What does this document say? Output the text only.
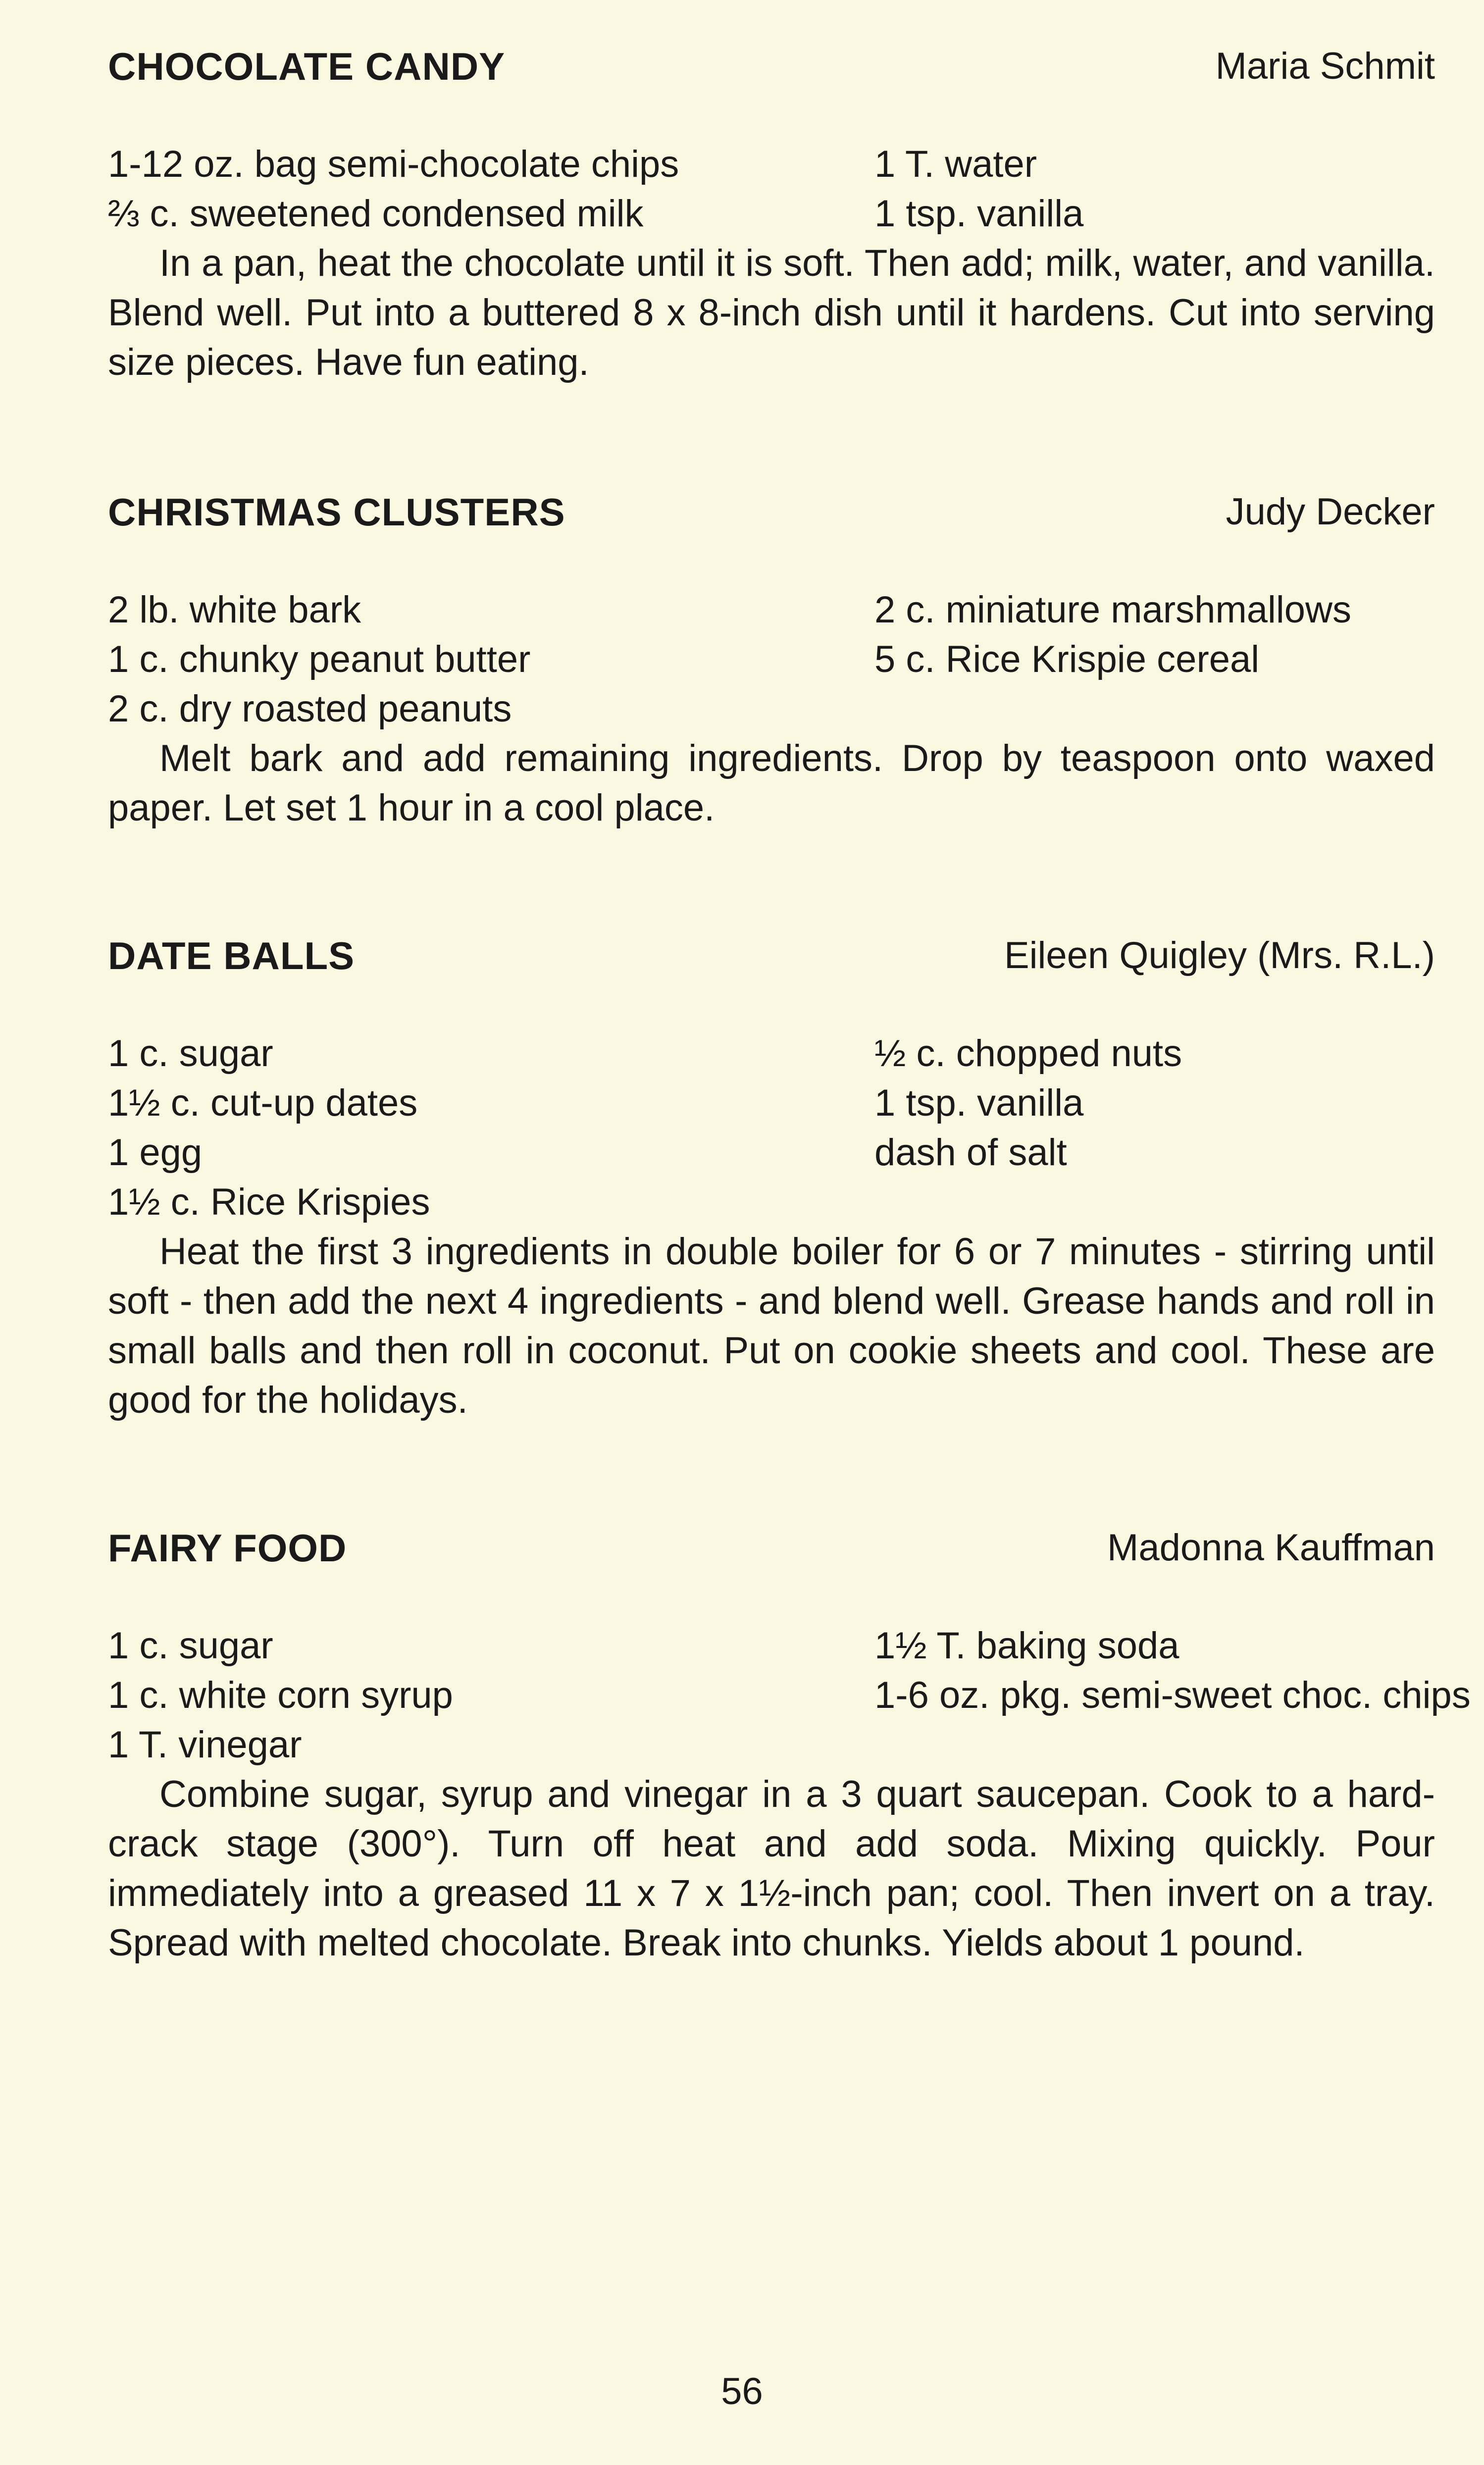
CHOCOLATE CANDY	Maria Schmit
1-12 oz. bag semi-chocolate chips	1 T. water
⅔ c. sweetened condensed milk	1 tsp. vanilla

In a pan, heat the chocolate until it is soft. Then add; milk, water, and vanilla. Blend well. Put into a buttered 8 x 8-inch dish until it hardens. Cut into serving size pieces. Have fun eating.

CHRISTMAS CLUSTERS	Judy Decker
2 lb. white bark	2 c. miniature marshmallows
1 c. chunky peanut butter	5 c. Rice Krispie cereal
2 c. dry roasted peanuts

Melt bark and add remaining ingredients. Drop by teaspoon onto waxed paper. Let set 1 hour in a cool place.

DATE BALLS	Eileen Quigley (Mrs. R.L.)
1 c. sugar	½ c. chopped nuts
1½ c. cut-up dates	1 tsp. vanilla
1 egg	dash of salt
1½ c. Rice Krispies

Heat the first 3 ingredients in double boiler for 6 or 7 minutes - stirring until soft - then add the next 4 ingredients - and blend well. Grease hands and roll in small balls and then roll in coconut. Put on cookie sheets and cool. These are good for the holidays.

FAIRY FOOD	Madonna Kauffman
1 c. sugar	1½ T. baking soda
1 c. white corn syrup	1-6 oz. pkg. semi-sweet choc. chips
1 T. vinegar

Combine sugar, syrup and vinegar in a 3 quart saucepan. Cook to a hard-crack stage (300°). Turn off heat and add soda. Mixing quickly. Pour immediately into a greased 11 x 7 x 1½-inch pan; cool. Then invert on a tray. Spread with melted chocolate. Break into chunks. Yields about 1 pound.

56
